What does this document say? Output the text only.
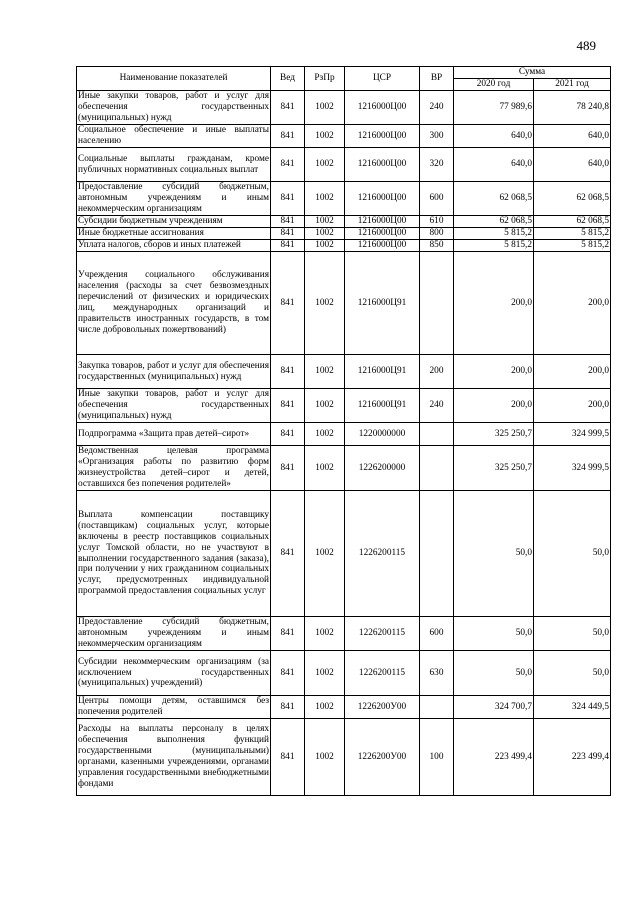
489
Наименование показателей	Вед	РзПр	ЦСР	ВР	Сумма	
					2020 год	2021 год
Иные закупки товаров, работ и услуг для обеспечения государственных (муниципальных) нужд	841	1002	1216000Ц00	240	77 989,6	78 240,8
Социальное обеспечение и иные выплаты населению	841	1002	1216000Ц00	300	640,0	640,0
Социальные выплаты гражданам, кроме публичных нормативных социальных выплат	841	1002	1216000Ц00	320	640,0	640,0
Предоставление субсидий бюджетным, автономным учреждениям и иным некоммерческим организациям	841	1002	1216000Ц00	600	62 068,5	62 068,5
Субсидии бюджетным учреждениям	841	1002	1216000Ц00	610	62 068,5	62 068,5
Иные бюджетные ассигнования	841	1002	1216000Ц00	800	5 815,2	5 815,2
Уплата налогов, сборов и иных платежей	841	1002	1216000Ц00	850	5 815,2	5 815,2
Учреждения социального обслуживания населения (расходы за счет безвозмездных перечислений от физических и юридических лиц, международных организаций и правительств иностранных государств, в том числе добровольных пожертвований)	841	1002	1216000Ц91		200,0	200,0
Закупка товаров, работ и услуг для обеспечения государственных (муниципальных) нужд	841	1002	1216000Ц91	200	200,0	200,0
Иные закупки товаров, работ и услуг для обеспечения государственных (муниципальных) нужд	841	1002	1216000Ц91	240	200,0	200,0
Подпрограмма «Защита прав детей–сирот»	841	1002	1220000000		325 250,7	324 999,5
Ведомственная целевая программа «Организация работы по развитию форм жизнеустройства детей–сирот и детей, оставшихся без попечения родителей»	841	1002	1226200000		325 250,7	324 999,5
Выплата компенсации поставщику (поставщикам) социальных услуг, которые включены в реестр поставщиков социальных услуг Томской области, но не участвуют в выполнении государственного задания (заказа), при получении у них гражданином социальных услуг, предусмотренных индивидуальной программой предоставления социальных услуг	841	1002	1226200115		50,0	50,0
Предоставление субсидий бюджетным, автономным учреждениям и иным некоммерческим организациям	841	1002	1226200115	600	50,0	50,0
Субсидии некоммерческим организациям (за исключением государственных (муниципальных) учреждений)	841	1002	1226200115	630	50,0	50,0
Центры помощи детям, оставшимся без попечения родителей	841	1002	1226200У00		324 700,7	324 449,5
Расходы на выплаты персоналу в целях обеспечения выполнения функций государственными (муниципальными) органами, казенными учреждениями, органами управления государственными внебюджетными фондами	841	1002	1226200У00	100	223 499,4	223 499,4
